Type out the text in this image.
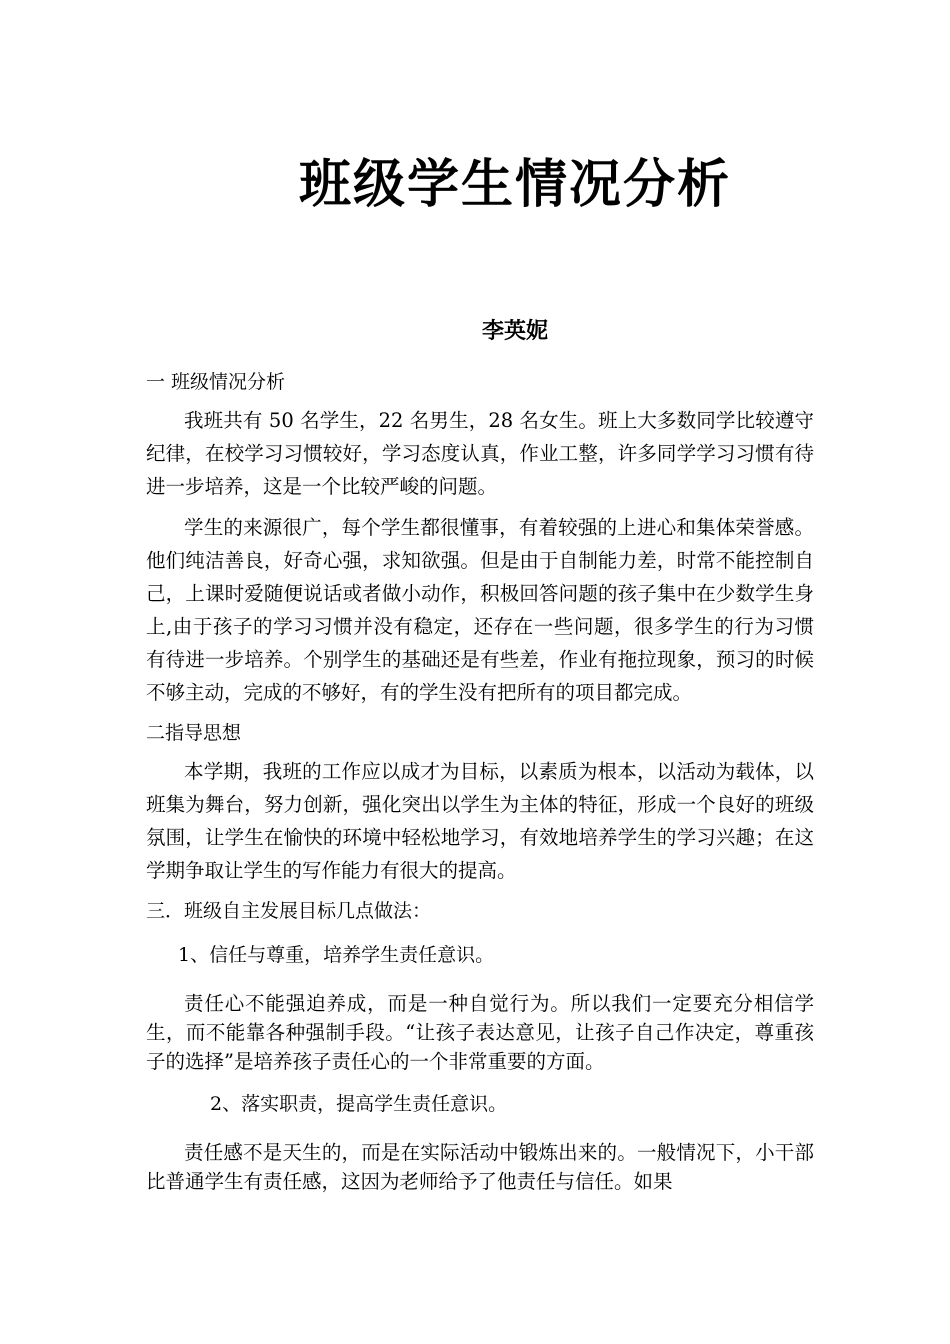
班级学生情况分析
李英妮

一 班级情况分析

我班共有 50 名学生，22 名男生，28 名女生。班上大多数同学比较遵守纪律，在校学习习惯较好，学习态度认真，作业工整，许多同学学习习惯有待进一步培养，这是一个比较严峻的问题。

学生的来源很广，每个学生都很懂事，有着较强的上进心和集体荣誉感。他们纯洁善良，好奇心强，求知欲强。但是由于自制能力差，时常不能控制自己，上课时爱随便说话或者做小动作，积极回答问题的孩子集中在少数学生身上,由于孩子的学习习惯并没有稳定，还存在一些问题，很多学生的行为习惯有待进一步培养。个别学生的基础还是有些差，作业有拖拉现象，预习的时候不够主动，完成的不够好，有的学生没有把所有的项目都完成。

二指导思想

本学期，我班的工作应以成才为目标，以素质为根本，以活动为载体，以班集为舞台，努力创新，强化突出以学生为主体的特征，形成一个良好的班级氛围，让学生在愉快的环境中轻松地学习，有效地培养学生的学习兴趣；在这学期争取让学生的写作能力有很大的提高。

三．班级自主发展目标几点做法：

1、信任与尊重，培养学生责任意识。

责任心不能强迫养成，而是一种自觉行为。所以我们一定要充分相信学生，而不能靠各种强制手段。“让孩子表达意见，让孩子自己作决定，尊重孩子的选择”是培养孩子责任心的一个非常重要的方面。

2、落实职责，提高学生责任意识。

责任感不是天生的，而是在实际活动中锻炼出来的。一般情况下，小干部比普通学生有责任感，这因为老师给予了他责任与信任。如果
